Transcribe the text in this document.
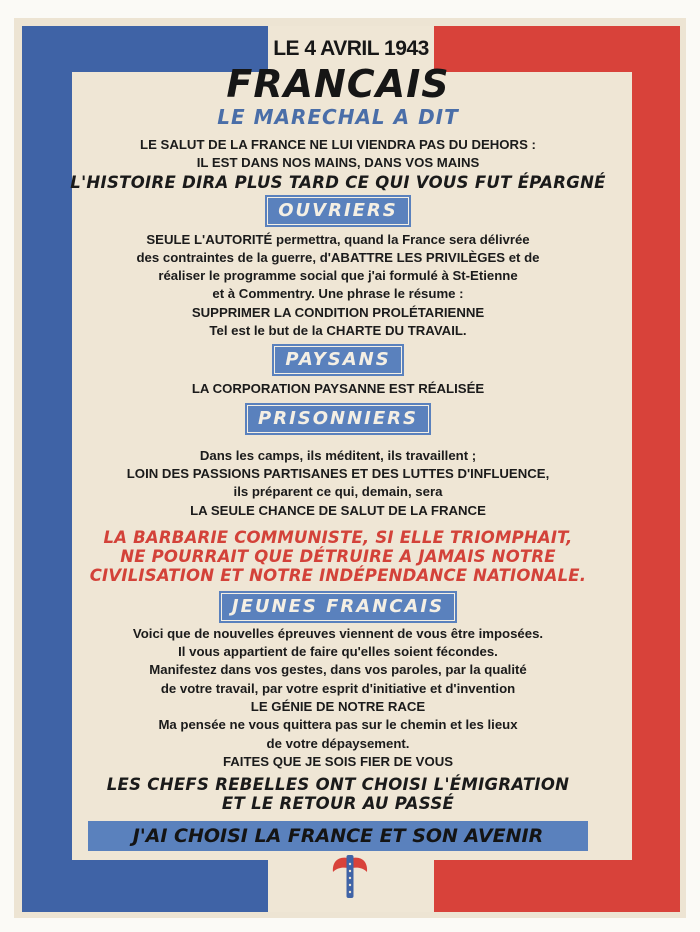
LE 4 AVRIL 1943
FRANCAIS
LE MARECHAL A DIT
LE SALUT DE LA FRANCE NE LUI VIENDRA PAS DU DEHORS :
IL EST DANS NOS MAINS, DANS VOS MAINS
L'HISTOIRE DIRA PLUS TARD CE QUI VOUS FUT ÉPARGNÉ
OUVRIERS
SEULE L'AUTORITÉ permettra, quand la France sera délivrée
des contraintes de la guerre, d'ABATTRE LES PRIVILÈGES et de
réaliser le programme social que j'ai formulé à St-Etienne
et à Commentry. Une phrase le résume :
SUPPRIMER LA CONDITION PROLÉTARIENNE
Tel est le but de la CHARTE DU TRAVAIL.
PAYSANS
LA CORPORATION PAYSANNE EST RÉALISÉE
PRISONNIERS
Dans les camps, ils méditent, ils travaillent ;
LOIN DES PASSIONS PARTISANES ET DES LUTTES D'INFLUENCE,
ils préparent ce qui, demain, sera
LA SEULE CHANCE DE SALUT DE LA FRANCE
LA BARBARIE COMMUNISTE, SI ELLE TRIOMPHAIT,
NE POURRAIT QUE DÉTRUIRE A JAMAIS NOTRE
CIVILISATION ET NOTRE INDÉPENDANCE NATIONALE.
JEUNES FRANCAIS
Voici que de nouvelles épreuves viennent de vous être imposées.
Il vous appartient de faire qu'elles soient fécondes.
Manifestez dans vos gestes, dans vos paroles, par la qualité
de votre travail, par votre esprit d'initiative et d'invention
LE GÉNIE DE NOTRE RACE
Ma pensée ne vous quittera pas sur le chemin et les lieux
de votre dépaysement.
FAITES QUE JE SOIS FIER DE VOUS
LES CHEFS REBELLES ONT CHOISI L'ÉMIGRATION
ET LE RETOUR AU PASSÉ
J'AI CHOISI LA FRANCE ET SON AVENIR
